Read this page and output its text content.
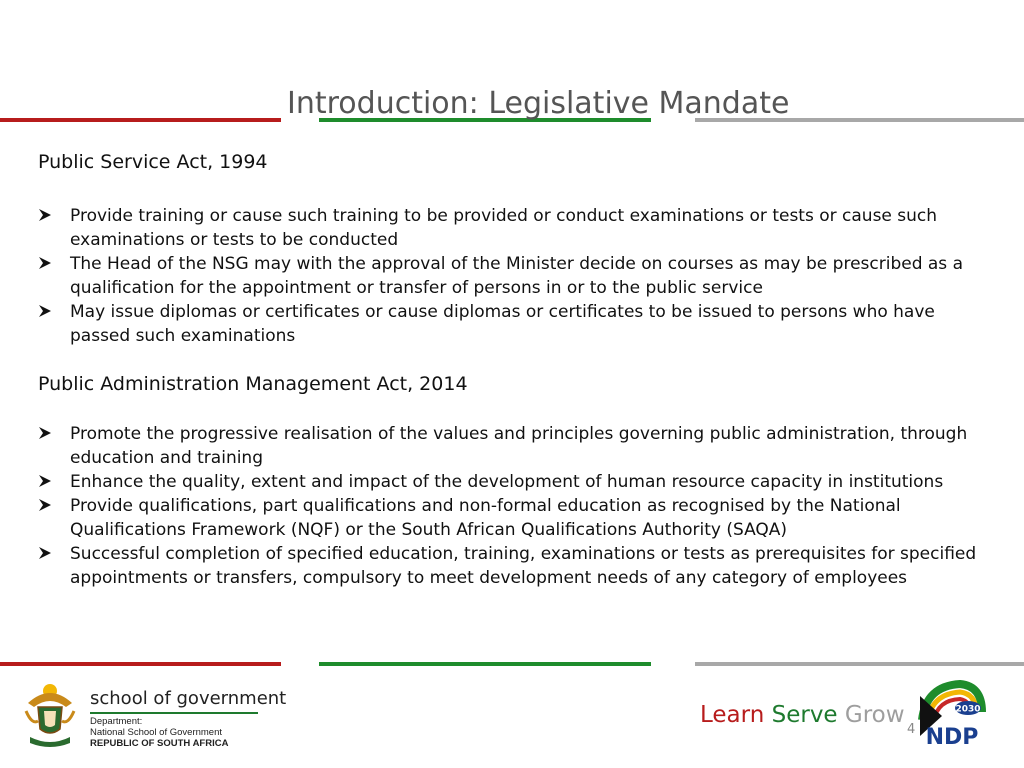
Introduction: Legislative Mandate
Public Service Act, 1994
Provide training or cause such training to be provided or conduct examinations or tests or cause such examinations or tests to be conducted
The Head of the NSG may with the approval of the Minister decide on courses as may be prescribed as a qualification for the appointment or transfer of persons in or to the public service
May issue diplomas or certificates or cause diplomas or certificates to be issued to persons who have passed such examinations
Public Administration Management Act, 2014
Promote the progressive realisation of the values and principles governing public administration, through education and training
Enhance the quality, extent and impact of the development of human resource capacity in institutions
Provide qualifications, part qualifications and non-formal education as recognised by the National Qualifications Framework (NQF) or the South African Qualifications Authority (SAQA)
Successful completion of specified education, training, examinations or tests as prerequisites for specified appointments or transfers, compulsory to meet development needs of any category of employees
school of government
Department:
National School of Government
REPUBLIC OF SOUTH AFRICA
Learn Serve Grow
4
2030
NDP
